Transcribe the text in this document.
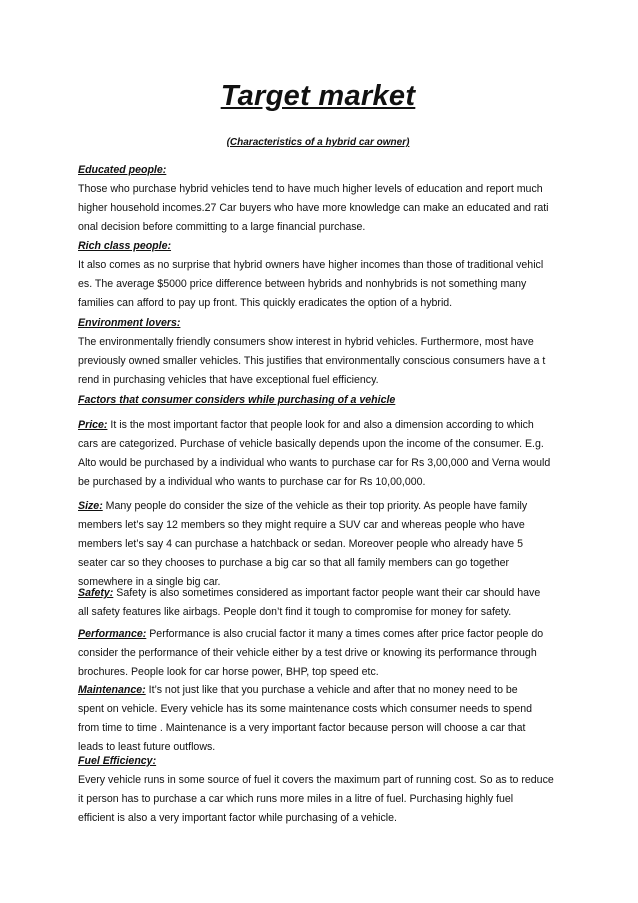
Target market
(Characteristics of a hybrid car owner)
Educated people:
Those who purchase hybrid vehicles tend to have much higher levels of education and report much
higher household incomes.27 Car buyers who have more knowledge can make an educated and rati
onal decision before committing to a large financial purchase.
Rich class people:
It also comes as no surprise that hybrid owners have higher incomes than those of traditional vehicl
es. The average $5000 price difference between hybrids and nonhybrids is not something many
families can afford to pay up front. This quickly eradicates the option of a hybrid.
Environment lovers:
The environmentally friendly consumers show interest in hybrid vehicles. Furthermore, most have
previously owned smaller vehicles. This justifies that environmentally conscious consumers have a t
rend in purchasing vehicles that have exceptional fuel efficiency.
Factors that consumer considers while purchasing of a vehicle
Price: It is the most important factor that people look for and also a dimension according to which
cars are categorized. Purchase of vehicle basically depends upon the income of the consumer. E.g.
Alto would be purchased by a individual who wants to purchase car for Rs 3,00,000 and Verna would
be purchased by a individual who wants to purchase car for Rs 10,00,000.
Size: Many people do consider the size of the vehicle as their top priority. As people have family
members let’s say 12 members so they might require a SUV car and whereas people who have
members let’s say 4 can purchase a hatchback or sedan. Moreover people who already have 5
seater car so they chooses to purchase a big car so that all family members can go together
somewhere in a single big car.
Safety: Safety is also sometimes considered as important factor people want their car should have
all safety features like airbags. People don’t find it tough to compromise for money for safety.
Performance: Performance is also crucial factor it many a times comes after price factor people do
consider the performance of their vehicle either by a test drive or knowing its performance through
brochures. People look for car horse power, BHP, top speed etc.
Maintenance: It’s not just like that you purchase a vehicle and after that no money need to be
spent on vehicle. Every vehicle has its some maintenance costs which consumer needs to spend
from time to time . Maintenance is a very important factor because person will choose a car that
leads to least future outflows.
Fuel Efficiency:
Every vehicle runs in some source of fuel it covers the maximum part of running cost. So as to reduce
it person has to purchase a car which runs more miles in a litre of fuel. Purchasing highly fuel
efficient is also a very important factor while purchasing of a vehicle.
